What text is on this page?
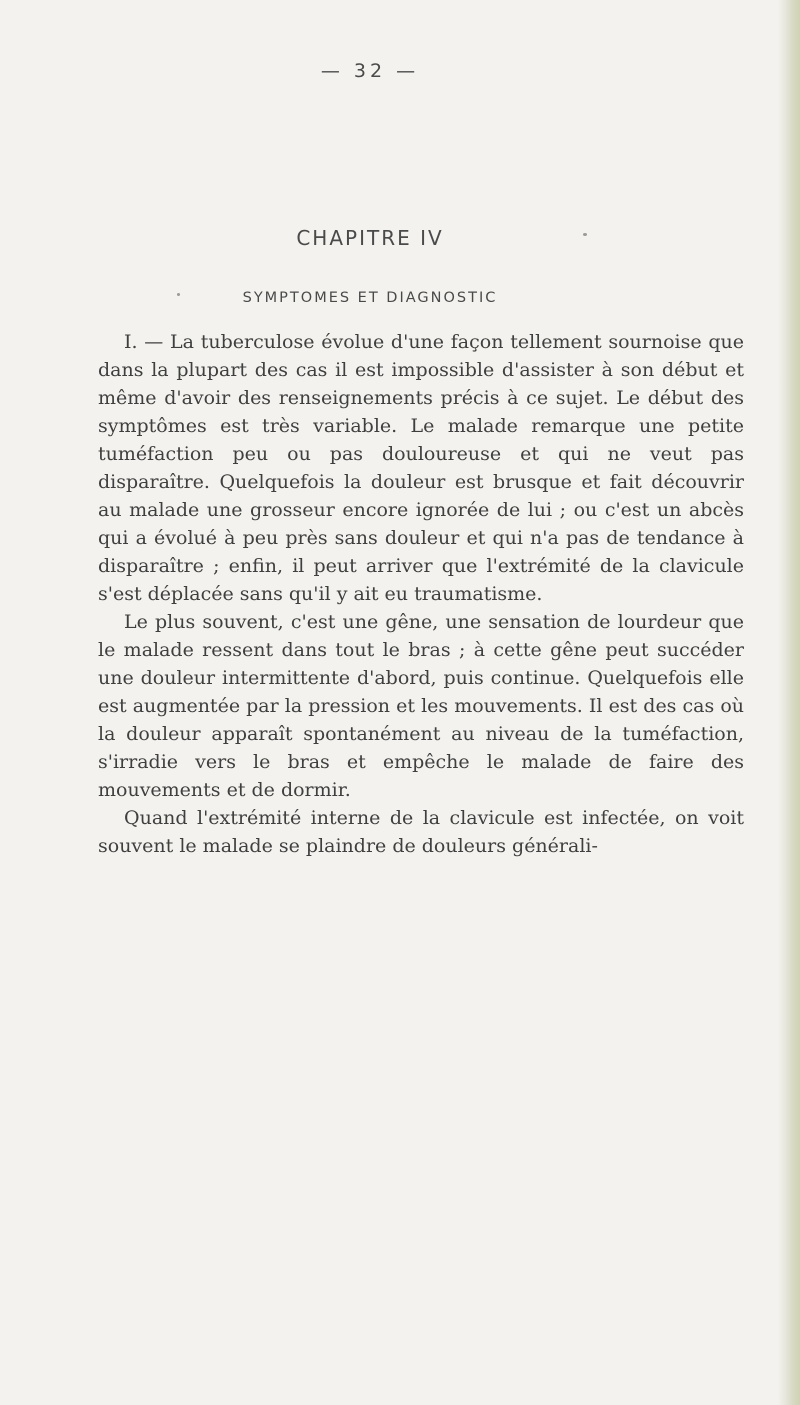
— 32 —
CHAPITRE IV
SYMPTOMES ET DIAGNOSTIC

I. — La tuberculose évolue d'une façon tellement sournoise que dans la plupart des cas il est impossible d'assister à son début et même d'avoir des renseignements précis à ce sujet. Le début des symptômes est très variable. Le malade remarque une petite tuméfaction peu ou pas douloureuse et qui ne veut pas disparaître. Quelquefois la douleur est brusque et fait découvrir au malade une grosseur encore ignorée de lui ; ou c'est un abcès qui a évolué à peu près sans douleur et qui n'a pas de tendance à disparaître ; enfin, il peut arriver que l'extrémité de la clavicule s'est déplacée sans qu'il y ait eu traumatisme.

Le plus souvent, c'est une gêne, une sensation de lourdeur que le malade ressent dans tout le bras ; à cette gêne peut succéder une douleur intermittente d'abord, puis continue. Quelquefois elle est augmentée par la pression et les mouvements. Il est des cas où la douleur apparaît spontanément au niveau de la tuméfaction, s'irradie vers le bras et empêche le malade de faire des mouvements et de dormir.

Quand l'extrémité interne de la clavicule est infectée, on voit souvent le malade se plaindre de douleurs générali-
